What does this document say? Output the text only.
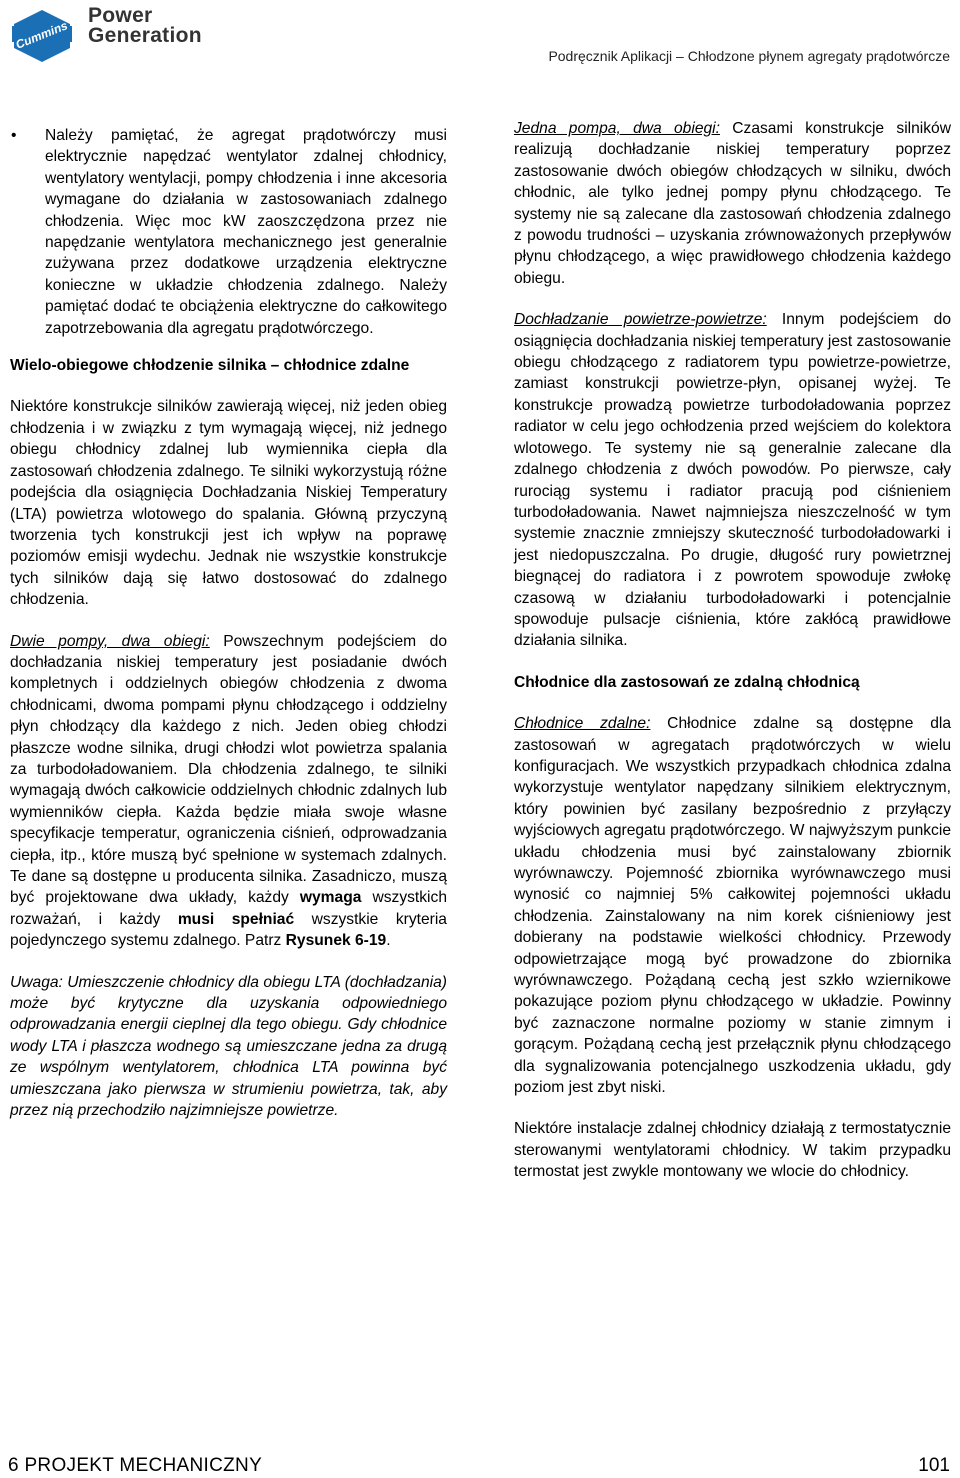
Cummins
Power
Generation
Podręcznik Aplikacji – Chłodzone płynem agregaty prądotwórcze
• Należy pamiętać, że agregat prądotwórczy musi elektrycznie napędzać wentylator zdalnej chłodnicy, wentylatory wentylacji, pompy chłodzenia i inne akcesoria wymagane do działania w zastosowaniach zdalnego chłodzenia. Więc moc kW zaoszczędzona przez nie napędzanie wentylatora mechanicznego jest generalnie zużywana przez dodatkowe urządzenia elektryczne konieczne w układzie chłodzenia zdalnego. Należy pamiętać dodać te obciążenia elektryczne do całkowitego zapotrzebowania dla agregatu prądotwórczego.

Wielo-obiegowe chłodzenie silnika – chłodnice zdalne

Niektóre konstrukcje silników zawierają więcej, niż jeden obieg chłodzenia i w związku z tym wymagają więcej, niż jednego obiegu chłodnicy zdalnej lub wymiennika ciepła dla zastosowań chłodzenia zdalnego. Te silniki wykorzystują różne podejścia dla osiągnięcia Dochładzania Niskiej Temperatury (LTA) powietrza wlotowego do spalania. Główną przyczyną tworzenia tych konstrukcji jest ich wpływ na poprawę poziomów emisji wydechu. Jednak nie wszystkie konstrukcje tych silników dają się łatwo dostosować do zdalnego chłodzenia.

Dwie pompy, dwa obiegi: Powszechnym podejściem do dochładzania niskiej temperatury jest posiadanie dwóch kompletnych i oddzielnych obiegów chłodzenia z dwoma chłodnicami, dwoma pompami płynu chłodzącego i oddzielny płyn chłodzący dla każdego z nich. Jeden obieg chłodzi płaszcze wodne silnika, drugi chłodzi wlot powietrza spalania za turbodoładowaniem. Dla chłodzenia zdalnego, te silniki wymagają dwóch całkowicie oddzielnych chłodnic zdalnych lub wymienników ciepła. Każda będzie miała swoje własne specyfikacje temperatur, ograniczenia ciśnień, odprowadzania ciepła, itp., które muszą być spełnione w systemach zdalnych. Te dane są dostępne u producenta silnika. Zasadniczo, muszą być projektowane dwa układy, każdy wymaga wszystkich rozważań, i każdy musi spełniać wszystkie kryteria pojedynczego systemu zdalnego. Patrz Rysunek 6-19.

Uwaga: Umieszczenie chłodnicy dla obiegu LTA (dochładzania) może być krytyczne dla uzyskania odpowiedniego odprowadzania energii cieplnej dla tego obiegu. Gdy chłodnice wody LTA i płaszcza wodnego są umieszczane jedna za drugą ze wspólnym wentylatorem, chłodnica LTA powinna być umieszczana jako pierwsza w strumieniu powietrza, tak, aby przez nią przechodziło najzimniejsze powietrze.

Jedna pompa, dwa obiegi: Czasami konstrukcje silników realizują dochładzanie niskiej temperatury poprzez zastosowanie dwóch obiegów chłodzących w silniku, dwóch chłodnic, ale tylko jednej pompy płynu chłodzącego. Te systemy nie są zalecane dla zastosowań chłodzenia zdalnego z powodu trudności – uzyskania zrównoważonych przepływów płynu chłodzącego, a więc prawidłowego chłodzenia każdego obiegu.

Dochładzanie powietrze-powietrze: Innym podejściem do osiągnięcia dochładzania niskiej temperatury jest zastosowanie obiegu chłodzącego z radiatorem typu powietrze-powietrze, zamiast konstrukcji powietrze-płyn, opisanej wyżej. Te konstrukcje prowadzą powietrze turbodoładowania poprzez radiator w celu jego ochłodzenia przed wejściem do kolektora wlotowego. Te systemy nie są generalnie zalecane dla zdalnego chłodzenia z dwóch powodów. Po pierwsze, cały rurociąg systemu i radiator pracują pod ciśnieniem turbodoładowania. Nawet najmniejsza nieszczelność w tym systemie znacznie zmniejszy skuteczność turbodoładowarki i jest niedopuszczalna. Po drugie, długość rury powietrznej biegnącej do radiatora i z powrotem spowoduje zwłokę czasową w działaniu turbodoładowarki i potencjalnie spowoduje pulsacje ciśnienia, które zakłócą prawidłowe działania silnika.

Chłodnice dla zastosowań ze zdalną chłodnicą

Chłodnice zdalne: Chłodnice zdalne są dostępne dla zastosowań w agregatach prądotwórczych w wielu konfiguracjach. We wszystkich przypadkach chłodnica zdalna wykorzystuje wentylator napędzany silnikiem elektrycznym, który powinien być zasilany bezpośrednio z przyłączy wyjściowych agregatu prądotwórczego. W najwyższym punkcie układu chłodzenia musi być zainstalowany zbiornik wyrównawczy. Pojemność zbiornika wyrównawczego musi wynosić co najmniej 5% całkowitej pojemności układu chłodzenia. Zainstalowany na nim korek ciśnieniowy jest dobierany na podstawie wielkości chłodnicy. Przewody odpowietrzające mogą być prowadzone do zbiornika wyrównawczego. Pożądaną cechą jest szkło wziernikowe pokazujące poziom płynu chłodzącego w układzie. Powinny być zaznaczone normalne poziomy w stanie zimnym i gorącym. Pożądaną cechą jest przełącznik płynu chłodzącego dla sygnalizowania potencjalnego uszkodzenia układu, gdy poziom jest zbyt niski.

Niektóre instalacje zdalnej chłodnicy działają z termostatycznie sterowanymi wentylatorami chłodnicy. W takim przypadku termostat jest zwykle montowany we wlocie do chłodnicy.

6 PROJEKT MECHANICZNY	101
